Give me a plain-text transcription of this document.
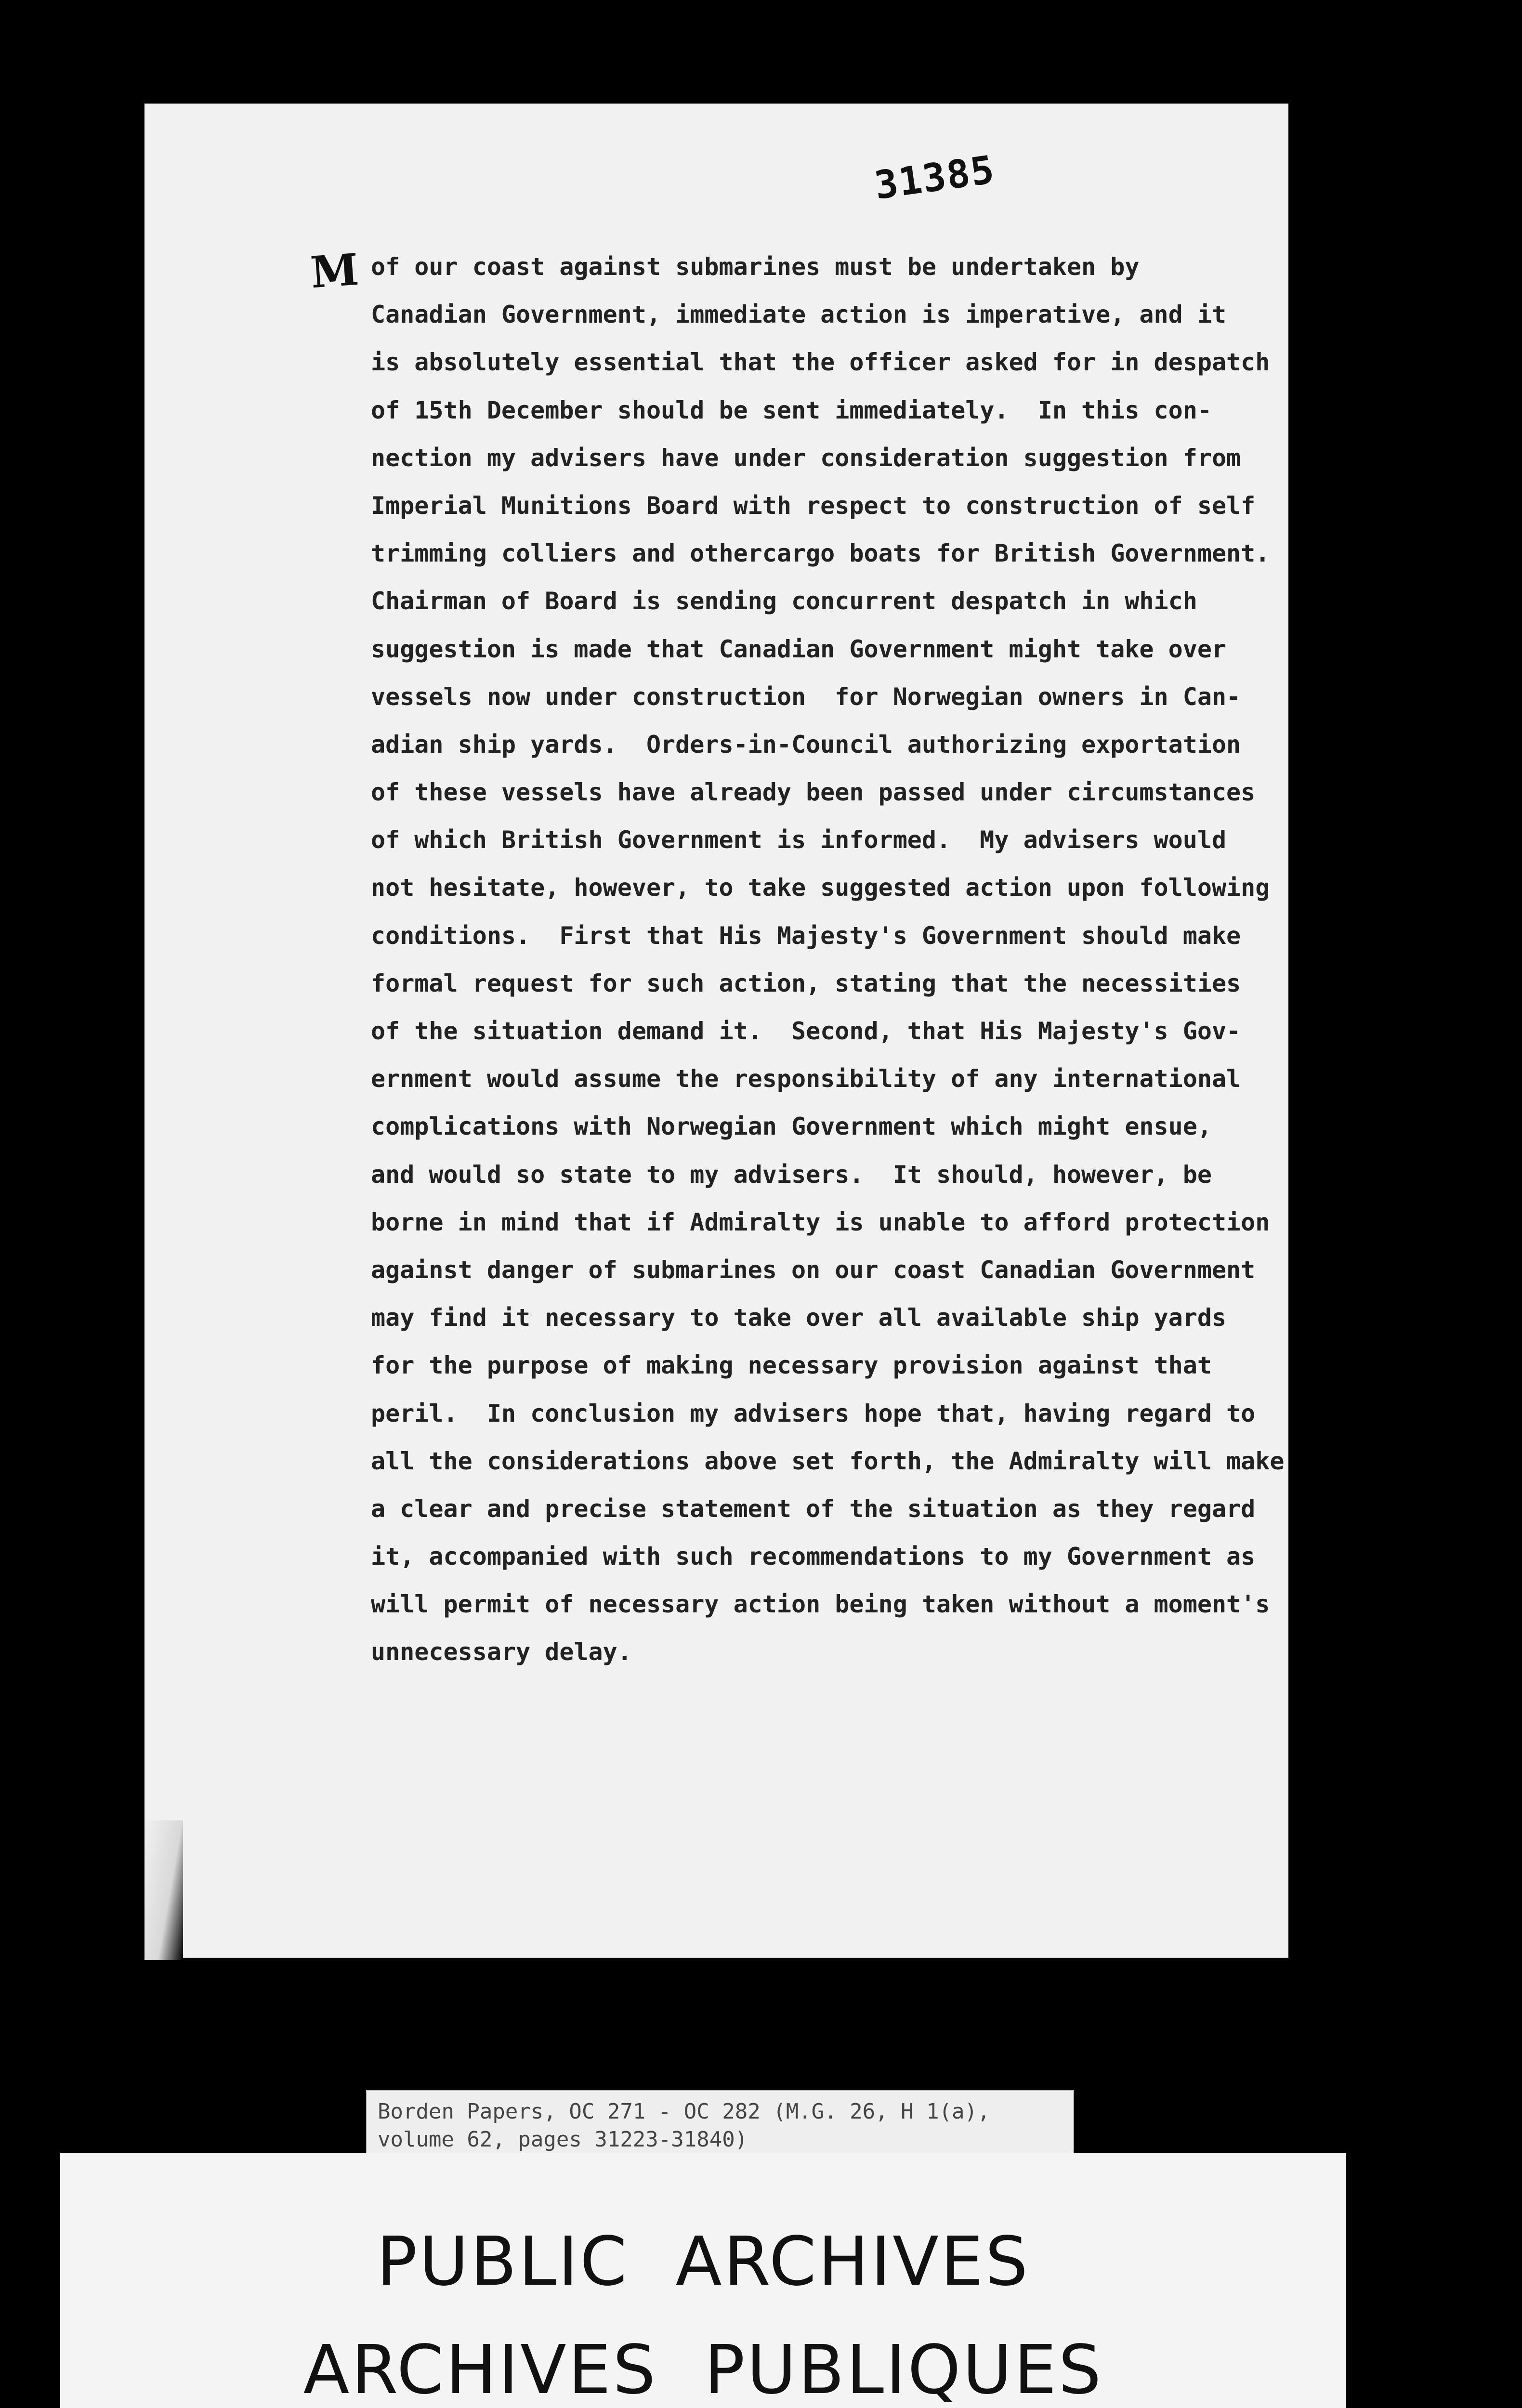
31385
M of our coast against submarines must be undertaken by
Canadian Government, immediate action is imperative, and it
is absolutely essential that the officer asked for in despatch
of 15th December should be sent immediately.  In this con-
nection my advisers have under consideration suggestion from
Imperial Munitions Board with respect to construction of self
trimming colliers and othercargo boats for British Government.
Chairman of Board is sending concurrent despatch in which
suggestion is made that Canadian Government might take over
vessels now under construction  for Norwegian owners in Can-
adian ship yards.  Orders-in-Council authorizing exportation
of these vessels have already been passed under circumstances
of which British Government is informed.  My advisers would
not hesitate, however, to take suggested action upon following
conditions.  First that His Majesty's Government should make
formal request for such action, stating that the necessities
of the situation demand it.  Second, that His Majesty's Gov-
ernment would assume the responsibility of any international
complications with Norwegian Government which might ensue,
and would so state to my advisers.  It should, however, be
borne in mind that if Admiralty is unable to afford protection
against danger of submarines on our coast Canadian Government
may find it necessary to take over all available ship yards
for the purpose of making necessary provision against that
peril.  In conclusion my advisers hope that, having regard to
all the considerations above set forth, the Admiralty will make
a clear and precise statement of the situation as they regard
it, accompanied with such recommendations to my Government as
will permit of necessary action being taken without a moment's
unnecessary delay.
Borden Papers, OC 271 - OC 282 (M.G. 26, H 1(a),
volume 62, pages 31223-31840)
PUBLIC  ARCHIVES
ARCHIVES  PUBLIQUES
